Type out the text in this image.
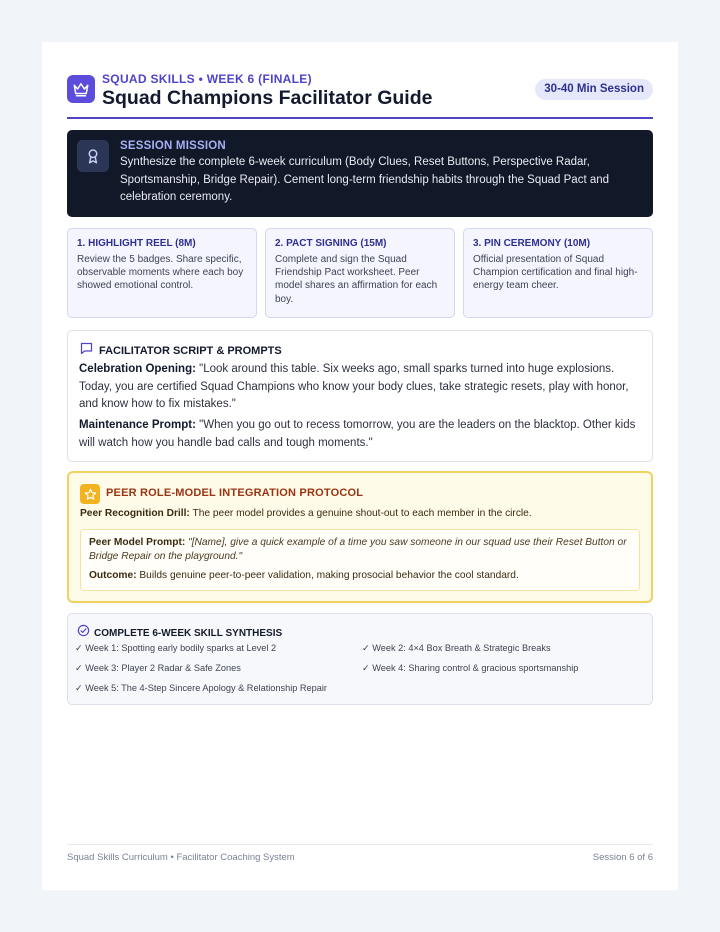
SQUAD SKILLS • WEEK 6 (FINALE)
Squad Champions Facilitator Guide	30-40 Min Session
SESSION MISSION
Synthesize the complete 6-week curriculum (Body Clues, Reset Buttons, Perspective Radar, Sportsmanship, Bridge Repair). Cement long-term friendship habits through the Squad Pact and celebration ceremony.
1. HIGHLIGHT REEL (8M)
Review the 5 badges. Share specific, observable moments where each boy showed emotional control.
2. PACT SIGNING (15M)
Complete and sign the Squad Friendship Pact worksheet. Peer model shares an affirmation for each boy.
3. PIN CEREMONY (10M)
Official presentation of Squad Champion certification and final high-energy team cheer.
FACILITATOR SCRIPT & PROMPTS

Celebration Opening: "Look around this table. Six weeks ago, small sparks turned into huge explosions. Today, you are certified Squad Champions who know your body clues, take strategic resets, play with honor, and know how to fix mistakes."

Maintenance Prompt: "When you go out to recess tomorrow, you are the leaders on the blacktop. Other kids will watch how you handle bad calls and tough moments."

PEER ROLE-MODEL INTEGRATION PROTOCOL
Peer Recognition Drill: The peer model provides a genuine shout-out to each member in the circle.
Peer Model Prompt: "[Name], give a quick example of a time you saw someone in our squad use their Reset Button or Bridge Repair on the playground."
Outcome: Builds genuine peer-to-peer validation, making prosocial behavior the cool standard.
COMPLETE 6-WEEK SKILL SYNTHESIS
✓ Week 1: Spotting early bodily sparks at Level 2	✓ Week 2: 4×4 Box Breath & Strategic Breaks
✓ Week 3: Player 2 Radar & Safe Zones	✓ Week 4: Sharing control & gracious sportsmanship
✓ Week 5: The 4-Step Sincere Apology & Relationship Repair
Squad Skills Curriculum • Facilitator Coaching System	Session 6 of 6
